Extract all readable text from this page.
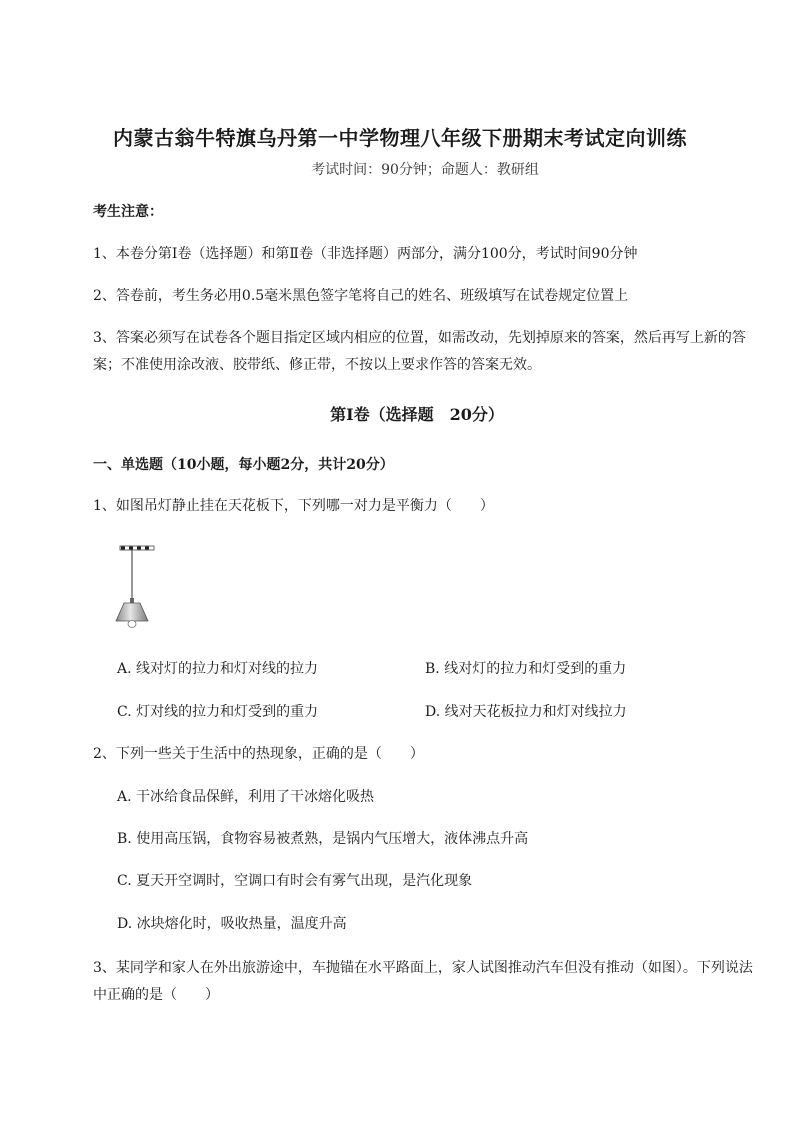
内蒙古翁牛特旗乌丹第一中学物理八年级下册期末考试定向训练
考试时间：90分钟；命题人：教研组
考生注意：
1、本卷分第Ⅰ卷（选择题）和第Ⅱ卷（非选择题）两部分，满分100分，考试时间90分钟
2、答卷前，考生务必用0.5毫米黑色签字笔将自己的姓名、班级填写在试卷规定位置上
3、答案必须写在试卷各个题目指定区域内相应的位置，如需改动，先划掉原来的答案，然后再写上新的答案；不准使用涂改液、胶带纸、修正带，不按以上要求作答的答案无效。
第Ⅰ卷（选择题　20分）
一、单选题（10小题，每小题2分，共计20分）
1、如图吊灯静止挂在天花板下，下列哪一对力是平衡力（　　）
A. 线对灯的拉力和灯对线的拉力	B. 线对灯的拉力和灯受到的重力
C. 灯对线的拉力和灯受到的重力	D. 线对天花板拉力和灯对线拉力
2、下列一些关于生活中的热现象，正确的是（　　）
A. 干冰给食品保鲜，利用了干冰熔化吸热
B. 使用高压锅，食物容易被煮熟，是锅内气压增大，液体沸点升高
C. 夏天开空调时，空调口有时会有雾气出现，是汽化现象
D. 冰块熔化时，吸收热量，温度升高
3、某同学和家人在外出旅游途中，车抛锚在水平路面上，家人试图推动汽车但没有推动（如图）。下列说法中正确的是（　　）
